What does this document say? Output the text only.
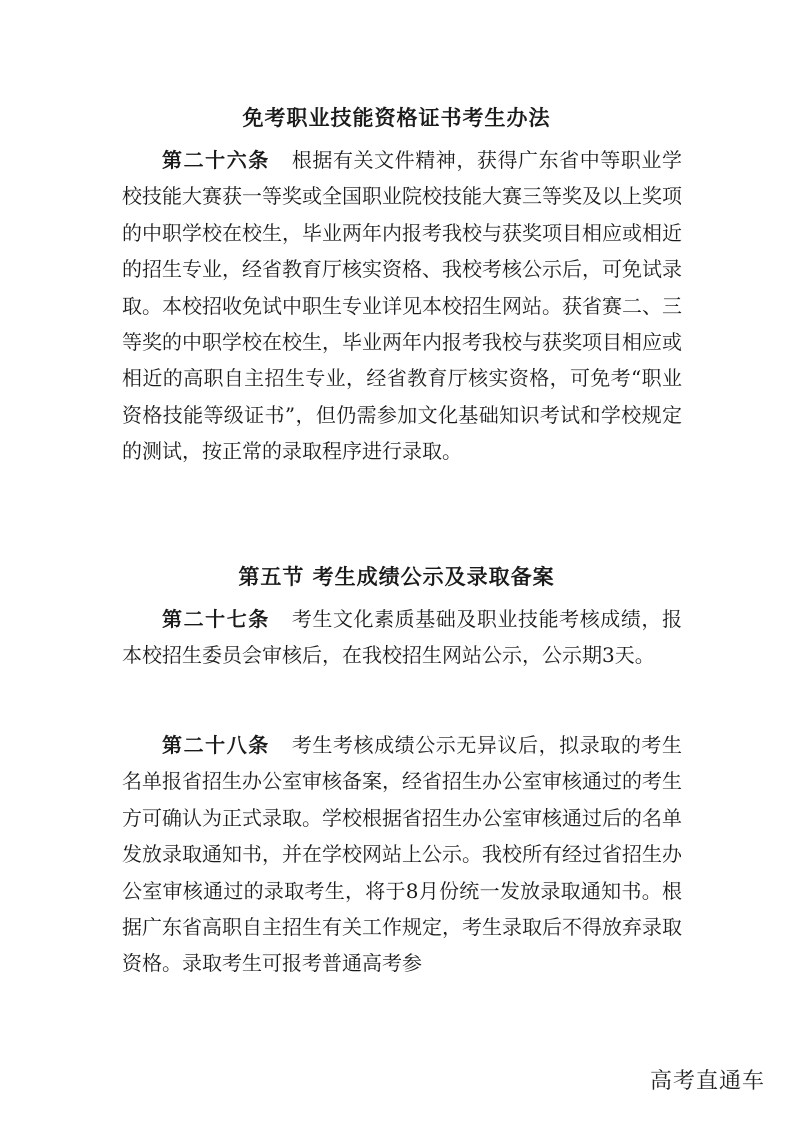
免考职业技能资格证书考生办法

第二十六条 根据有关文件精神，获得广东省中等职业学校技能大赛获一等奖或全国职业院校技能大赛三等奖及以上奖项的中职学校在校生，毕业两年内报考我校与获奖项目相应或相近的招生专业，经省教育厅核实资格、我校考核公示后，可免试录取。本校招收免试中职生专业详见本校招生网站。获省赛二、三等奖的中职学校在校生，毕业两年内报考我校与获奖项目相应或相近的高职自主招生专业，经省教育厅核实资格，可免考“职业资格技能等级证书”，但仍需参加文化基础知识考试和学校规定的测试，按正常的录取程序进行录取。

第五节 考生成绩公示及录取备案

第二十七条 考生文化素质基础及职业技能考核成绩，报本校招生委员会审核后，在我校招生网站公示，公示期3天。

第二十八条 考生考核成绩公示无异议后，拟录取的考生名单报省招生办公室审核备案，经省招生办公室审核通过的考生方可确认为正式录取。学校根据省招生办公室审核通过后的名单发放录取通知书，并在学校网站上公示。我校所有经过省招生办公室审核通过的录取考生，将于8月份统一发放录取通知书。根据广东省高职自主招生有关工作规定，考生录取后不得放弃录取资格。录取考生可报考普通高考参

高考直通车
